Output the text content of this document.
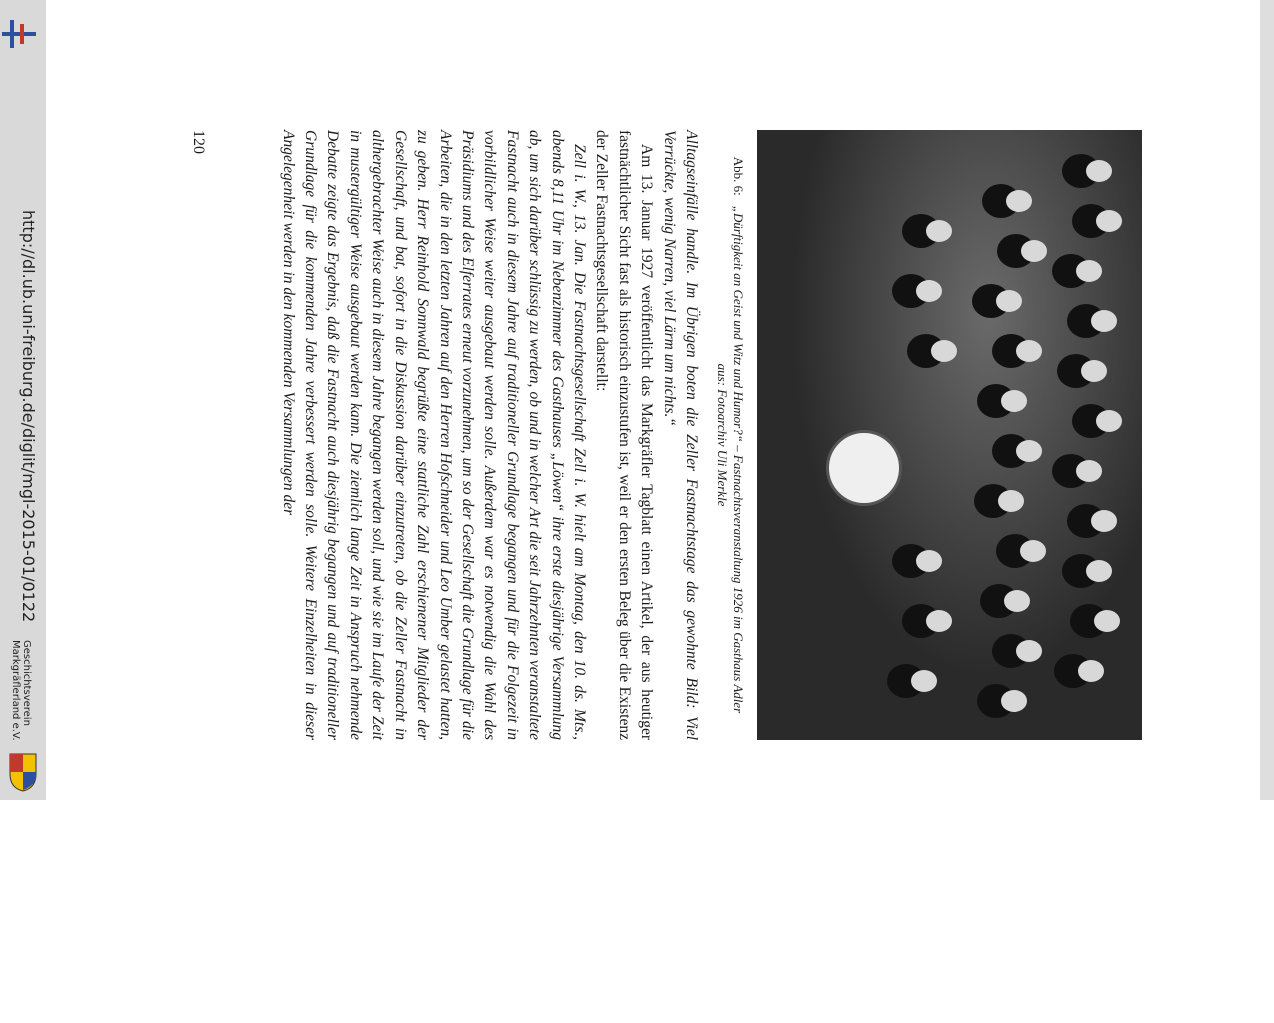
http://dl.ub.uni-freiburg.de/diglit/mgl-2015-01/0122
Geschichtsverein Markgräflerland e.V.
Abb. 6:„Dürftigkeit an Geist und Witz und Humor?“ – Fastnachtsveranstaltung 1926 im Gasthaus Adler
aus: Fotoarchiv Uli Merkle

Alltagseinfälle handle. Im Übrigen boten die Zeller Fastnachtstage das gewohnte Bild: Viel Verrückte, wenig Narren, viel Lärm um nichts.“

Am 13. Januar 1927 veröffentlicht das Markgräfler Tagblatt einen Artikel, der aus heutiger fastnächtlicher Sicht fast als historisch einzustufen ist, weil er den ersten Beleg über die Existenz der Zeller Fastnachtsgesellschaft darstellt:

Zell i. W., 13. Jan. Die Fastnachtsgesellschaft Zell i. W. hielt am Montag, den 10. ds. Mts., abends 8,11 Uhr im Nebenzimmer des Gasthauses „Löwen“ ihre erste diesjährige Versammlung ab, um sich darüber schlüssig zu werden, ob und in welcher Art die seit Jahrzehnten veranstaltete Fastnacht auch in diesem Jahre auf traditioneller Grundlage begangen und für die Folgezeit in vorbildlicher Weise weiter ausgebaut werden solle. Außerdem war es notwendig die Wahl des Präsidiums und des Elferrates erneut vorzunehmen, um so der Gesellschaft die Grundlage für die Arbeiten, die in den letzten Jahren auf den Herren Hofschneider und Leo Umber gelastet hatten, zu geben. Herr Reinhold Sonnwald begrüßte eine stattliche Zahl erschienener Mitglieder der Gesellschaft, und bat, sofort in die Diskussion darüber einzutreten, ob die Zeller Fastnacht in althergebrachter Weise auch in diesem Jahre begangen werden soll, und wie sie im Laufe der Zeit in mustergültiger Weise ausgebaut werden kann. Die ziemlich lange Zeit in Anspruch nehmende Debatte zeigte das Ergebnis, daß die Fastnacht auch diesjährig begangen und auf traditioneller Grundlage für die kommenden Jahre verbessert werden solle. Weitere Einzelheiten in dieser Angelegenheit werden in den kommenden Versammlungen der

120
